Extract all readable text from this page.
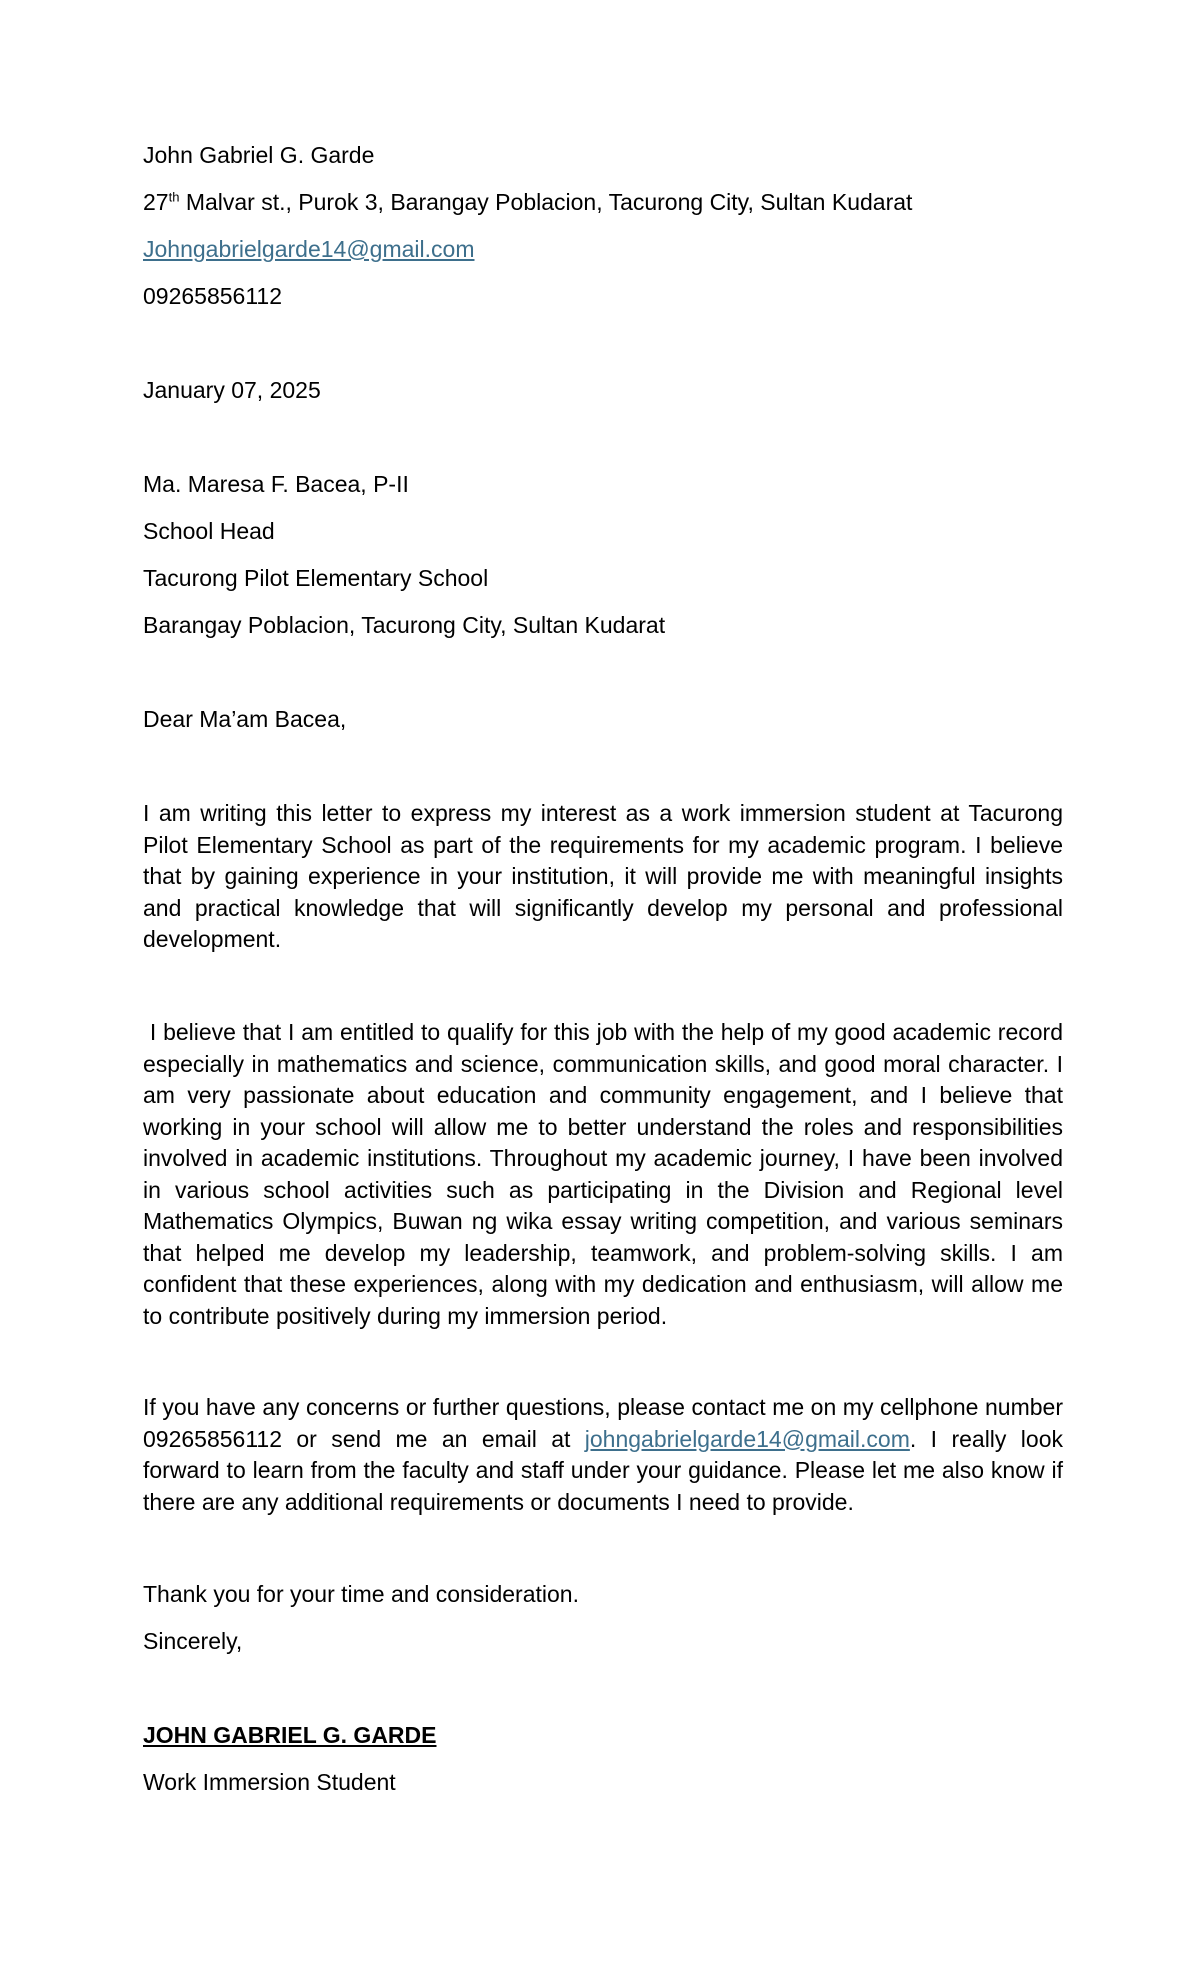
John Gabriel G. Garde
27th Malvar st., Purok 3, Barangay Poblacion, Tacurong City, Sultan Kudarat
Johngabrielgarde14@gmail.com
09265856112
January 07, 2025
Ma. Maresa F. Bacea, P-II
School Head
Tacurong Pilot Elementary School
Barangay Poblacion, Tacurong City, Sultan Kudarat
Dear Ma’am Bacea,
I am writing this letter to express my interest as a work immersion student at Tacurong Pilot Elementary School as part of the requirements for my academic program. I believe that by gaining experience in your institution, it will provide me with meaningful insights and practical knowledge that will significantly develop my personal and professional development.
I believe that I am entitled to qualify for this job with the help of my good academic record especially in mathematics and science, communication skills, and good moral character. I am very passionate about education and community engagement, and I believe that working in your school will allow me to better understand the roles and responsibilities involved in academic institutions. Throughout my academic journey, I have been involved in various school activities such as participating in the Division and Regional level Mathematics Olympics, Buwan ng wika essay writing competition, and various seminars that helped me develop my leadership, teamwork, and problem-solving skills. I am confident that these experiences, along with my dedication and enthusiasm, will allow me to contribute positively during my immersion period.
If you have any concerns or further questions, please contact me on my cellphone number 09265856112 or send me an email at johngabrielgarde14@gmail.com. I really look forward to learn from the faculty and staff under your guidance. Please let me also know if there are any additional requirements or documents I need to provide.
Thank you for your time and consideration.
Sincerely,
JOHN GABRIEL G. GARDE
Work Immersion Student
